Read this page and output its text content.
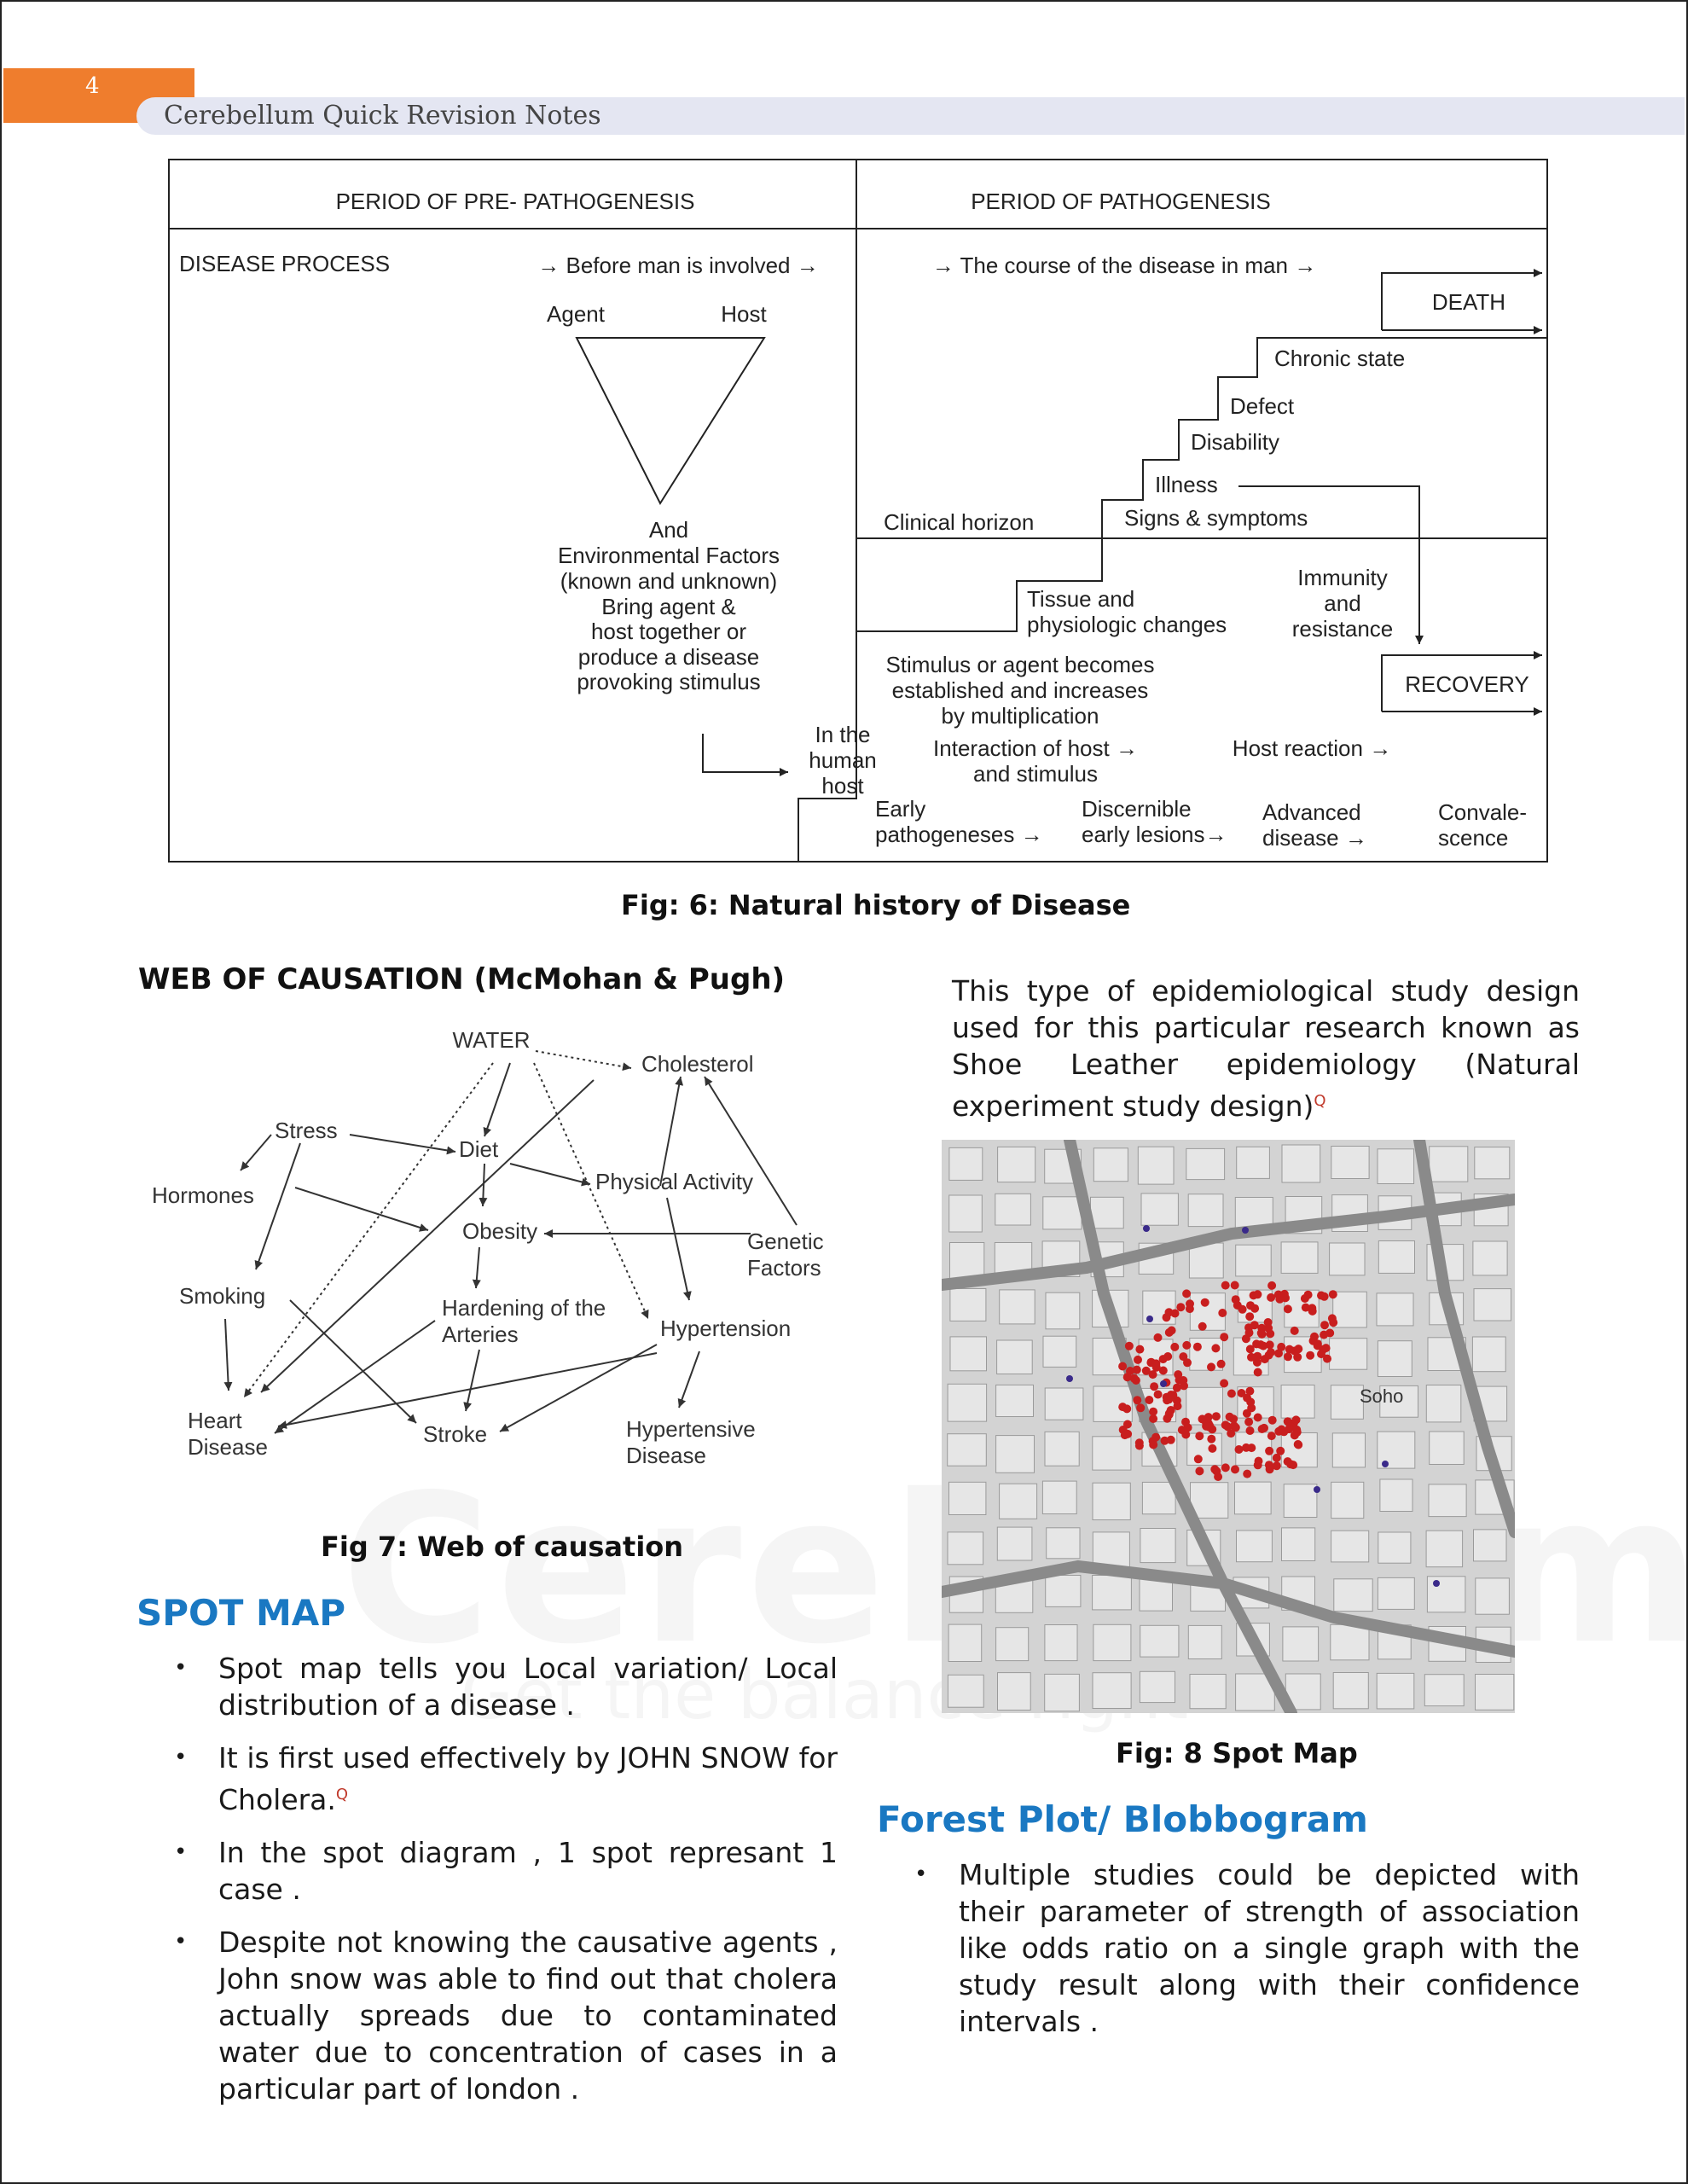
4
Cerebellum Quick Revision Notes
PERIOD OF PRE- PATHOGENESIS	PERIOD OF PATHOGENESIS
DISEASE PROCESS	→ Before man is involved →	→ The course of the disease in man →
Agent	Host
And
Environmental Factors
(known and unknown)
Bring agent &
host together or
produce a disease
provoking stimulus
DEATH
Chronic state
Defect
Disability
Illness
Signs & symptoms
Clinical horizon
Tissue and
physiologic changes
Immunity
and
resistance
Stimulus or agent becomes
established and increases
by multiplication
RECOVERY
In the
human
host
Interaction of host →
and stimulus
Host reaction →
Early
pathogeneses →
Discernible
early lesions→
Advanced
disease →
Convale-
scence
Fig: 6: Natural history of Disease
WEB OF CAUSATION (McMohan & Pugh)
WATER
Cholesterol
Stress
Diet
Hormones
Physical Activity
Obesity	Genetic
Factors
Smoking	Hardening of the
Arteries	Hypertension
Heart
Disease	Stroke	Hypertensive
Disease
Fig 7: Web of causation
This type of epidemiological study design used for this particular research known as Shoe Leather epidemiology (Natural experiment study design)$^Q$
Soho
Fig: 8 Spot Map
SPOT MAP
• Spot map tells you Local variation/ Local distribution of a disease .
• It is first used effectively by JOHN SNOW for Cholera.$^Q$
• In the spot diagram , 1 spot represant 1 case .
• Despite not knowing the causative agents , John snow was able to find out that cholera actually spreads due to contaminated water due to concentration of cases in a particular part of london .
Forest Plot/ Blobbogram
• Multiple studies could be depicted with their parameter of strength of association like odds ratio on a single graph with the study result along with their confidence intervals .
